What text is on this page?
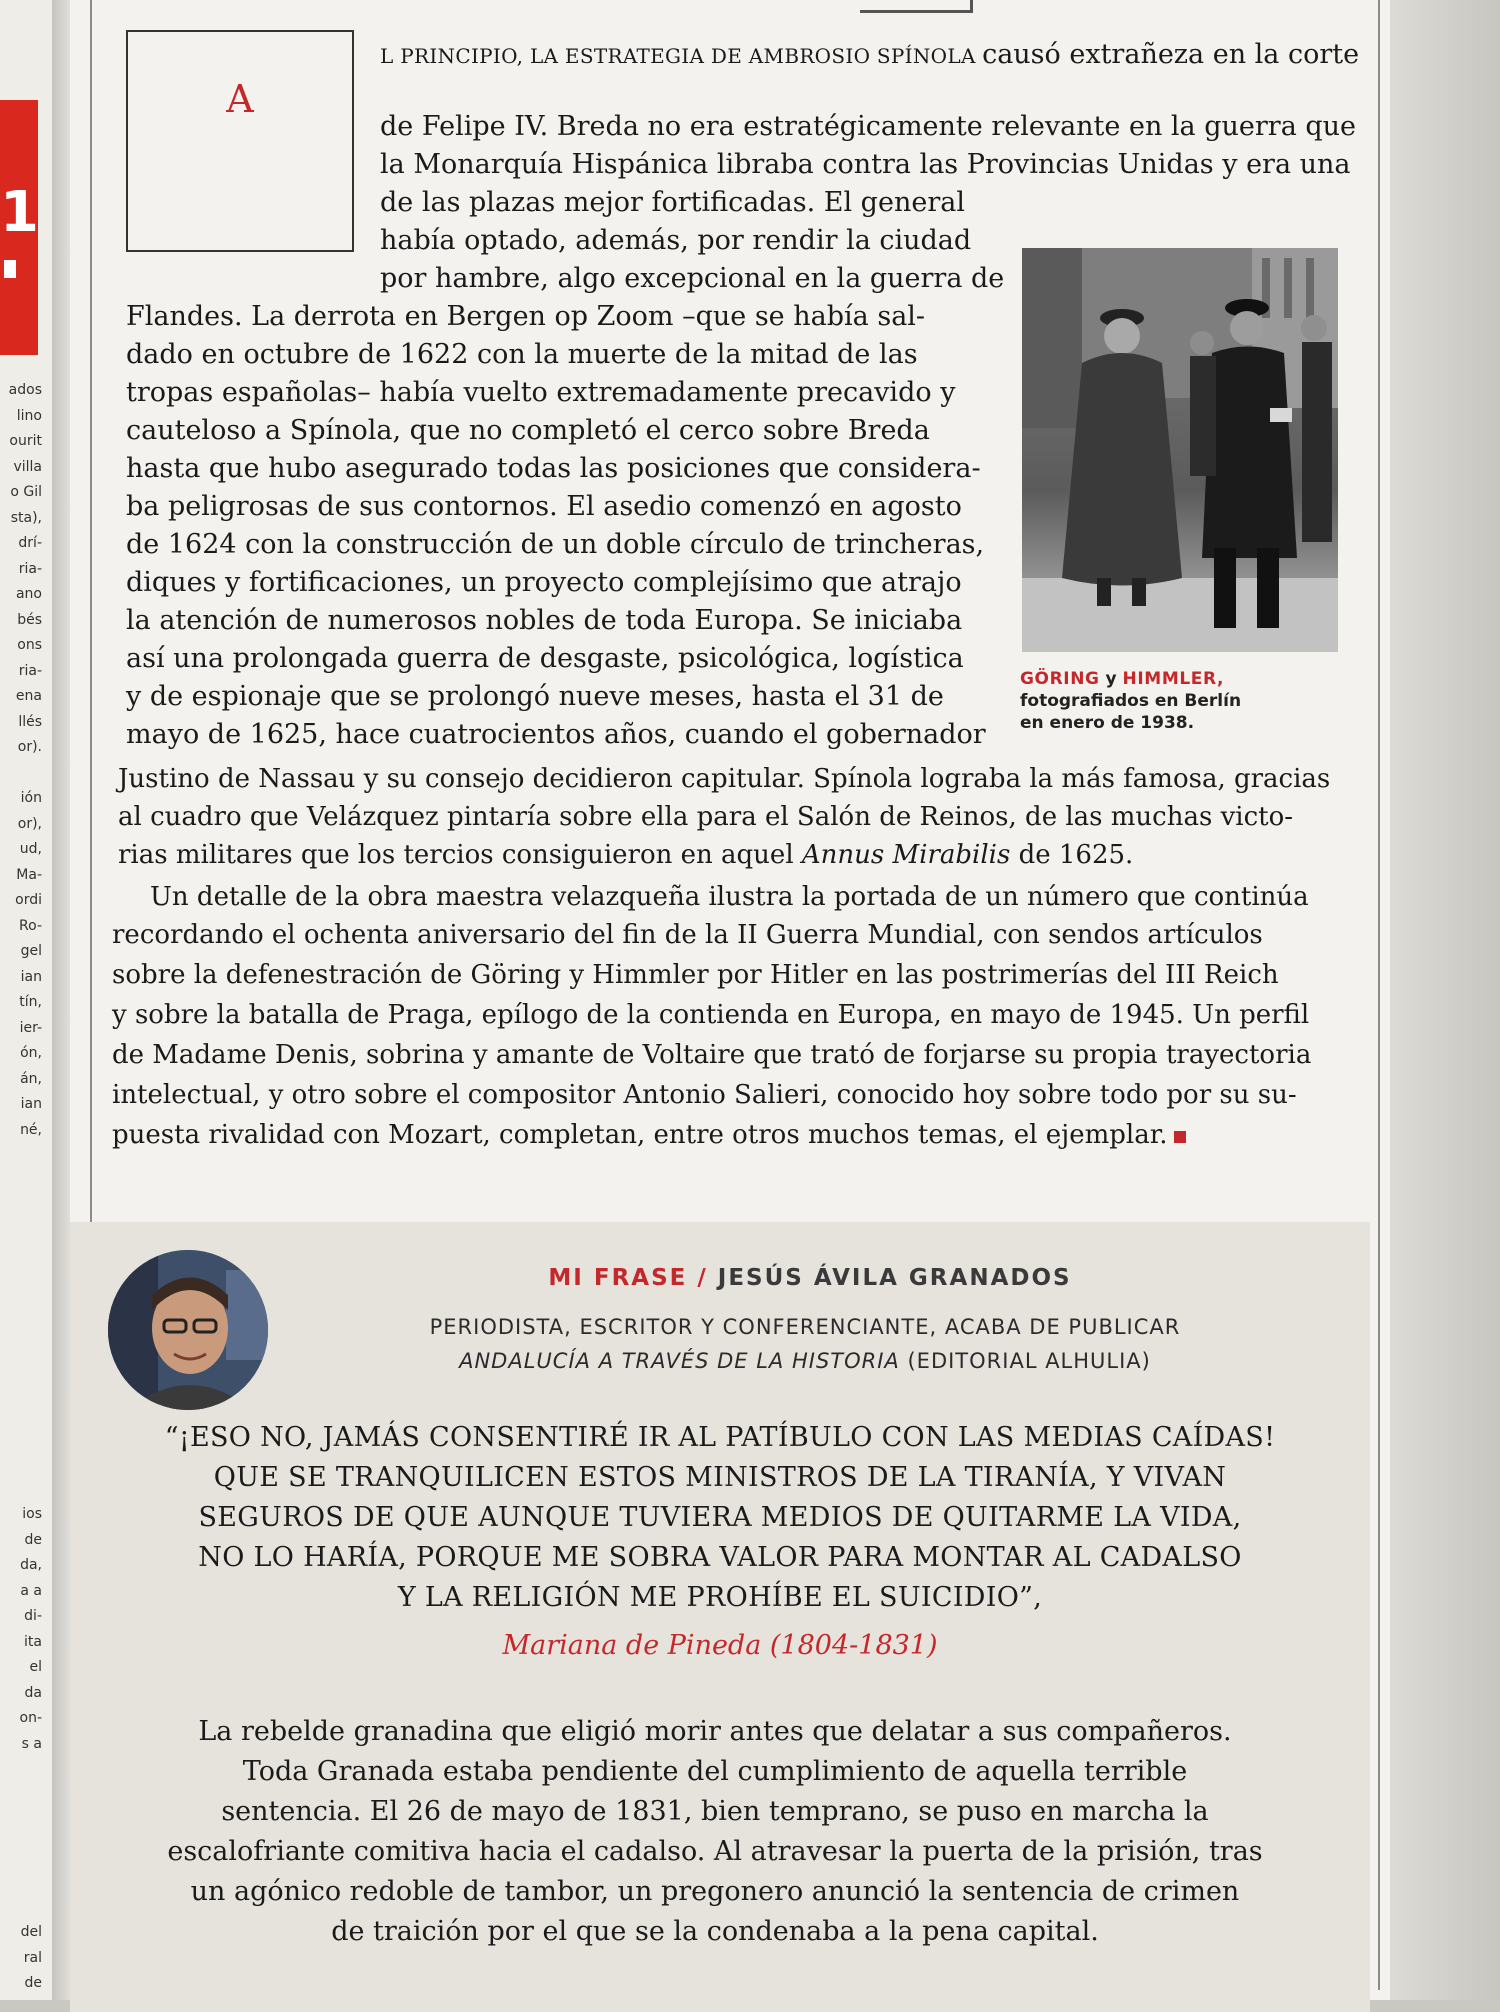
1
ados
lino
ourit
villa
o Gil
sta),
drí-
ria-
ano
bés
ons
ria-
ena
llés
or).

ión
or),
ud,
Ma-
ordi
Ro-
gel
ian
tín,
ier-
ón,
án,
ian
né,
ios
de
da,
a a
di-
ita
el
da
on-
s a
del
ral
de
A
L PRINCIPIO, LA ESTRATEGIA DE AMBROSIO SPÍNOLA causó extrañeza en la corte
de Felipe IV. Breda no era estratégicamente relevante en la guerra que
la Monarquía Hispánica libraba contra las Provincias Unidas y era una
de las plazas mejor fortificadas. El general
había optado, además, por rendir la ciudad
por hambre, algo excepcional en la guerra de
Flandes. La derrota en Bergen op Zoom –que se había sal-
dado en octubre de 1622 con la muerte de la mitad de las
tropas españolas– había vuelto extremadamente precavido y
cauteloso a Spínola, que no completó el cerco sobre Breda
hasta que hubo asegurado todas las posiciones que considera-
ba peligrosas de sus contornos. El asedio comenzó en agosto
de 1624 con la construcción de un doble círculo de trincheras,
diques y fortificaciones, un proyecto complejísimo que atrajo
la atención de numerosos nobles de toda Europa. Se iniciaba
así una prolongada guerra de desgaste, psicológica, logística
y de espionaje que se prolongó nueve meses, hasta el 31 de
mayo de 1625, hace cuatrocientos años, cuando el gobernador
Justino de Nassau y su consejo decidieron capitular. Spínola lograba la más famosa, gracias
al cuadro que Velázquez pintaría sobre ella para el Salón de Reinos, de las muchas victo-
rias militares que los tercios consiguieron en aquel Annus Mirabilis de 1625.
Un detalle de la obra maestra velazqueña ilustra la portada de un número que continúa
recordando el ochenta aniversario del fin de la II Guerra Mundial, con sendos artículos
sobre la defenestración de Göring y Himmler por Hitler en las postrimerías del III Reich
y sobre la batalla de Praga, epílogo de la contienda en Europa, en mayo de 1945. Un perfil
de Madame Denis, sobrina y amante de Voltaire que trató de forjarse su propia trayectoria
intelectual, y otro sobre el compositor Antonio Salieri, conocido hoy sobre todo por su su-
puesta rivalidad con Mozart, completan, entre otros muchos temas, el ejemplar.
GÖRING y HIMMLER,
fotografiados en Berlín
en enero de 1938.
MI FRASE / JESÚS ÁVILA GRANADOS
PERIODISTA, ESCRITOR Y CONFERENCIANTE, ACABA DE PUBLICAR
ANDALUCÍA A TRAVÉS DE LA HISTORIA (EDITORIAL ALHULIA)
“¡ESO NO, JAMÁS CONSENTIRÉ IR AL PATÍBULO CON LAS MEDIAS CAÍDAS!
QUE SE TRANQUILICEN ESTOS MINISTROS DE LA TIRANÍA, Y VIVAN
SEGUROS DE QUE AUNQUE TUVIERA MEDIOS DE QUITARME LA VIDA,
NO LO HARÍA, PORQUE ME SOBRA VALOR PARA MONTAR AL CADALSO
Y LA RELIGIÓN ME PROHÍBE EL SUICIDIO”,
Mariana de Pineda (1804-1831)
La rebelde granadina que eligió morir antes que delatar a sus compañeros.
Toda Granada estaba pendiente del cumplimiento de aquella terrible
sentencia. El 26 de mayo de 1831, bien temprano, se puso en marcha la
escalofriante comitiva hacia el cadalso. Al atravesar la puerta de la prisión, tras
un agónico redoble de tambor, un pregonero anunció la sentencia de crimen
de traición por el que se la condenaba a la pena capital.
